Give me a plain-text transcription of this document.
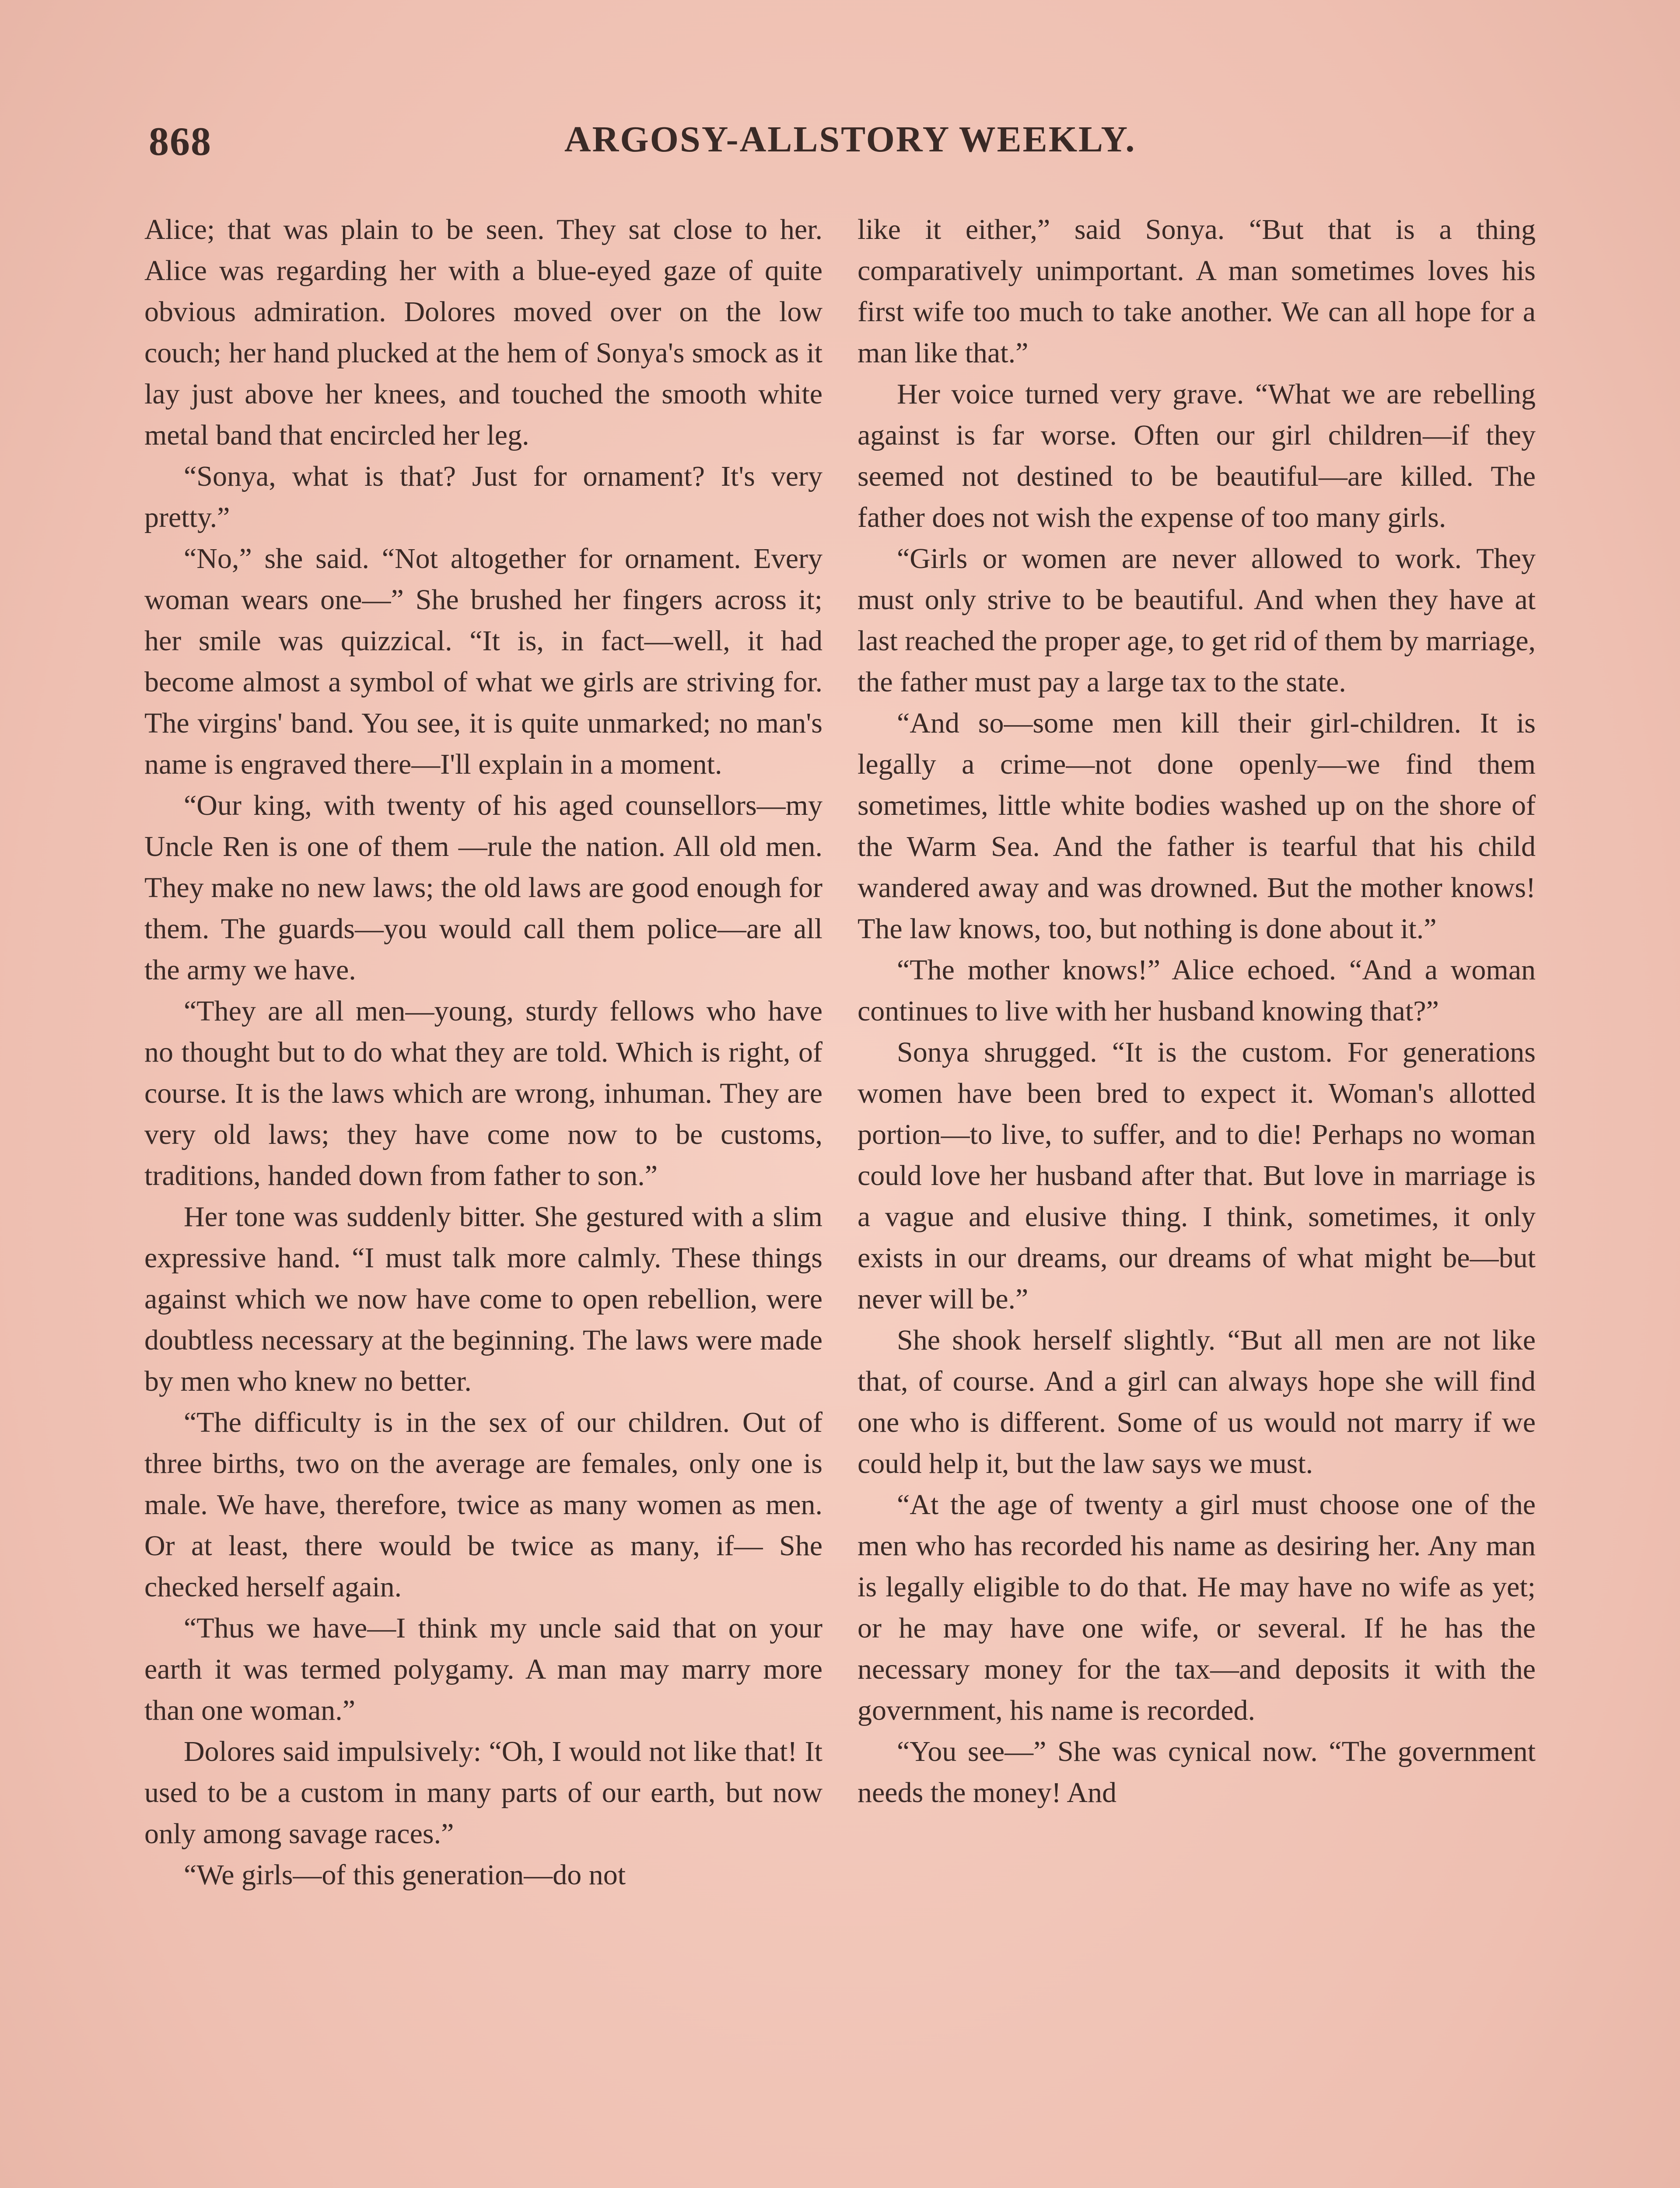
868	ARGOSY-ALLSTORY WEEKLY.

Alice; that was plain to be seen. They sat close to her. Alice was regarding her with a blue-eyed gaze of quite obvious admiration. Dolores moved over on the low couch; her hand plucked at the hem of Sonya's smock as it lay just above her knees, and touched the smooth white metal band that encircled her leg.

“Sonya, what is that? Just for ornament? It's very pretty.”

“No,” she said. “Not altogether for ornament. Every woman wears one—” She brushed her fingers across it; her smile was quizzical. “It is, in fact—well, it had become almost a symbol of what we girls are striving for. The virgins' band. You see, it is quite unmarked; no man's name is engraved there—I'll explain in a moment.

“Our king, with twenty of his aged counsellors—my Uncle Ren is one of them —rule the nation. All old men. They make no new laws; the old laws are good enough for them. The guards—you would call them police—are all the army we have.

“They are all men—young, sturdy fellows who have no thought but to do what they are told. Which is right, of course. It is the laws which are wrong, inhuman. They are very old laws; they have come now to be customs, traditions, handed down from father to son.”

Her tone was suddenly bitter. She gestured with a slim expressive hand. “I must talk more calmly. These things against which we now have come to open rebellion, were doubtless necessary at the beginning. The laws were made by men who knew no better.

“The difficulty is in the sex of our children. Out of three births, two on the average are females, only one is male. We have, therefore, twice as many women as men. Or at least, there would be twice as many, if— She checked herself again.

“Thus we have—I think my uncle said that on your earth it was termed polygamy. A man may marry more than one woman.”

Dolores said impulsively: “Oh, I would not like that! It used to be a custom in many parts of our earth, but now only among savage races.”

“We girls—of this generation—do not

like it either,” said Sonya. “But that is a thing comparatively unimportant. A man sometimes loves his first wife too much to take another. We can all hope for a man like that.”

Her voice turned very grave. “What we are rebelling against is far worse. Often our girl children—if they seemed not destined to be beautiful—are killed. The father does not wish the expense of too many girls.

“Girls or women are never allowed to work. They must only strive to be beautiful. And when they have at last reached the proper age, to get rid of them by marriage, the father must pay a large tax to the state.

“And so—some men kill their girl-children. It is legally a crime—not done openly—we find them sometimes, little white bodies washed up on the shore of the Warm Sea. And the father is tearful that his child wandered away and was drowned. But the mother knows! The law knows, too, but nothing is done about it.”

“The mother knows!” Alice echoed. “And a woman continues to live with her husband knowing that?”

Sonya shrugged. “It is the custom. For generations women have been bred to expect it. Woman's allotted portion—to live, to suffer, and to die! Perhaps no woman could love her husband after that. But love in marriage is a vague and elusive thing. I think, sometimes, it only exists in our dreams, our dreams of what might be—but never will be.”

She shook herself slightly. “But all men are not like that, of course. And a girl can always hope she will find one who is different. Some of us would not marry if we could help it, but the law says we must.

“At the age of twenty a girl must choose one of the men who has recorded his name as desiring her. Any man is legally eligible to do that. He may have no wife as yet; or he may have one wife, or several. If he has the necessary money for the tax—and deposits it with the government, his name is recorded.

“You see—” She was cynical now. “The government needs the money! And
